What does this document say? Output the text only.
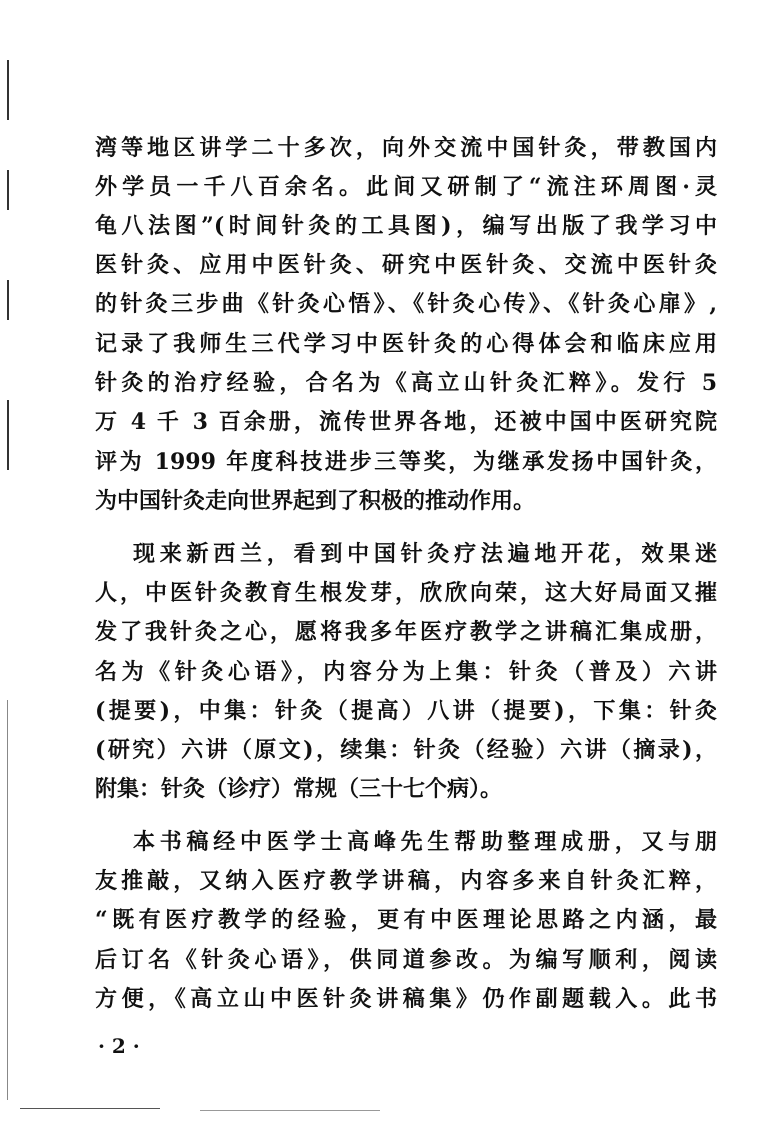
湾等地区讲学二十多次，向外交流中国针灸，带教国内
外学员一千八百余名。此间又研制了“流注环周图·灵
龟八法图”(时间针灸的工具图)，编写出版了我学习中
医针灸、应用中医针灸、研究中医针灸、交流中医针灸
的针灸三步曲《针灸心悟》、《针灸心传》、《针灸心扉》,
记录了我师生三代学习中医针灸的心得体会和临床应用
针灸的治疗经验，合名为《高立山针灸汇粹》。发行 5
万 4 千 3 百余册，流传世界各地，还被中国中医研究院
评为 1999 年度科技进步三等奖，为继承发扬中国针灸，
为中国针灸走向世界起到了积极的推动作用。
现来新西兰，看到中国针灸疗法遍地开花，效果迷
人，中医针灸教育生根发芽，欣欣向荣，这大好局面又摧
发了我针灸之心，愿将我多年医疗教学之讲稿汇集成册，
名为《针灸心语》，内容分为上集：针灸（普及）六讲
(提要)，中集：针灸（提高）八讲（提要)，下集：针灸
(研究）六讲（原文)，续集：针灸（经验）六讲（摘录)，
附集：针灸（诊疗）常规（三十七个病）。
本书稿经中医学士高峰先生帮助整理成册，又与朋
友推敲，又纳入医疗教学讲稿，内容多来自针灸汇粹，
“既有医疗教学的经验，更有中医理论思路之内涵，最
后订名《针灸心语》，供同道参改。为编写顺利，阅读
方便，《高立山中医针灸讲稿集》仍作副题载入。此书
· 2 ·
